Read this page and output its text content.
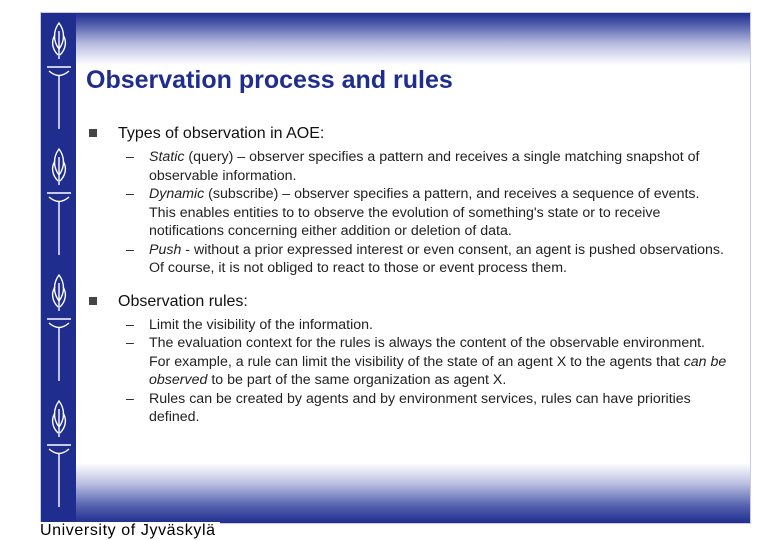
Observation process and rules
Types of observation in AOE:
– Static (query) – observer specifies a pattern and receives a single matching snapshot of observable information.
– Dynamic (subscribe) – observer specifies a pattern, and receives a sequence of events. This enables entities to to observe the evolution of something's state or to receive notifications concerning either addition or deletion of data.
– Push - without a prior expressed interest or even consent, an agent is pushed observations. Of course, it is not obliged to react to those or event process them.
Observation rules:
– Limit the visibility of the information.
– The evaluation context for the rules is always the content of the observable environment. For example, a rule can limit the visibility of the state of an agent X to the agents that can be observed to be part of the same organization as agent X.
– Rules can be created by agents and by environment services, rules can have priorities defined.
University of Jyväskylä
